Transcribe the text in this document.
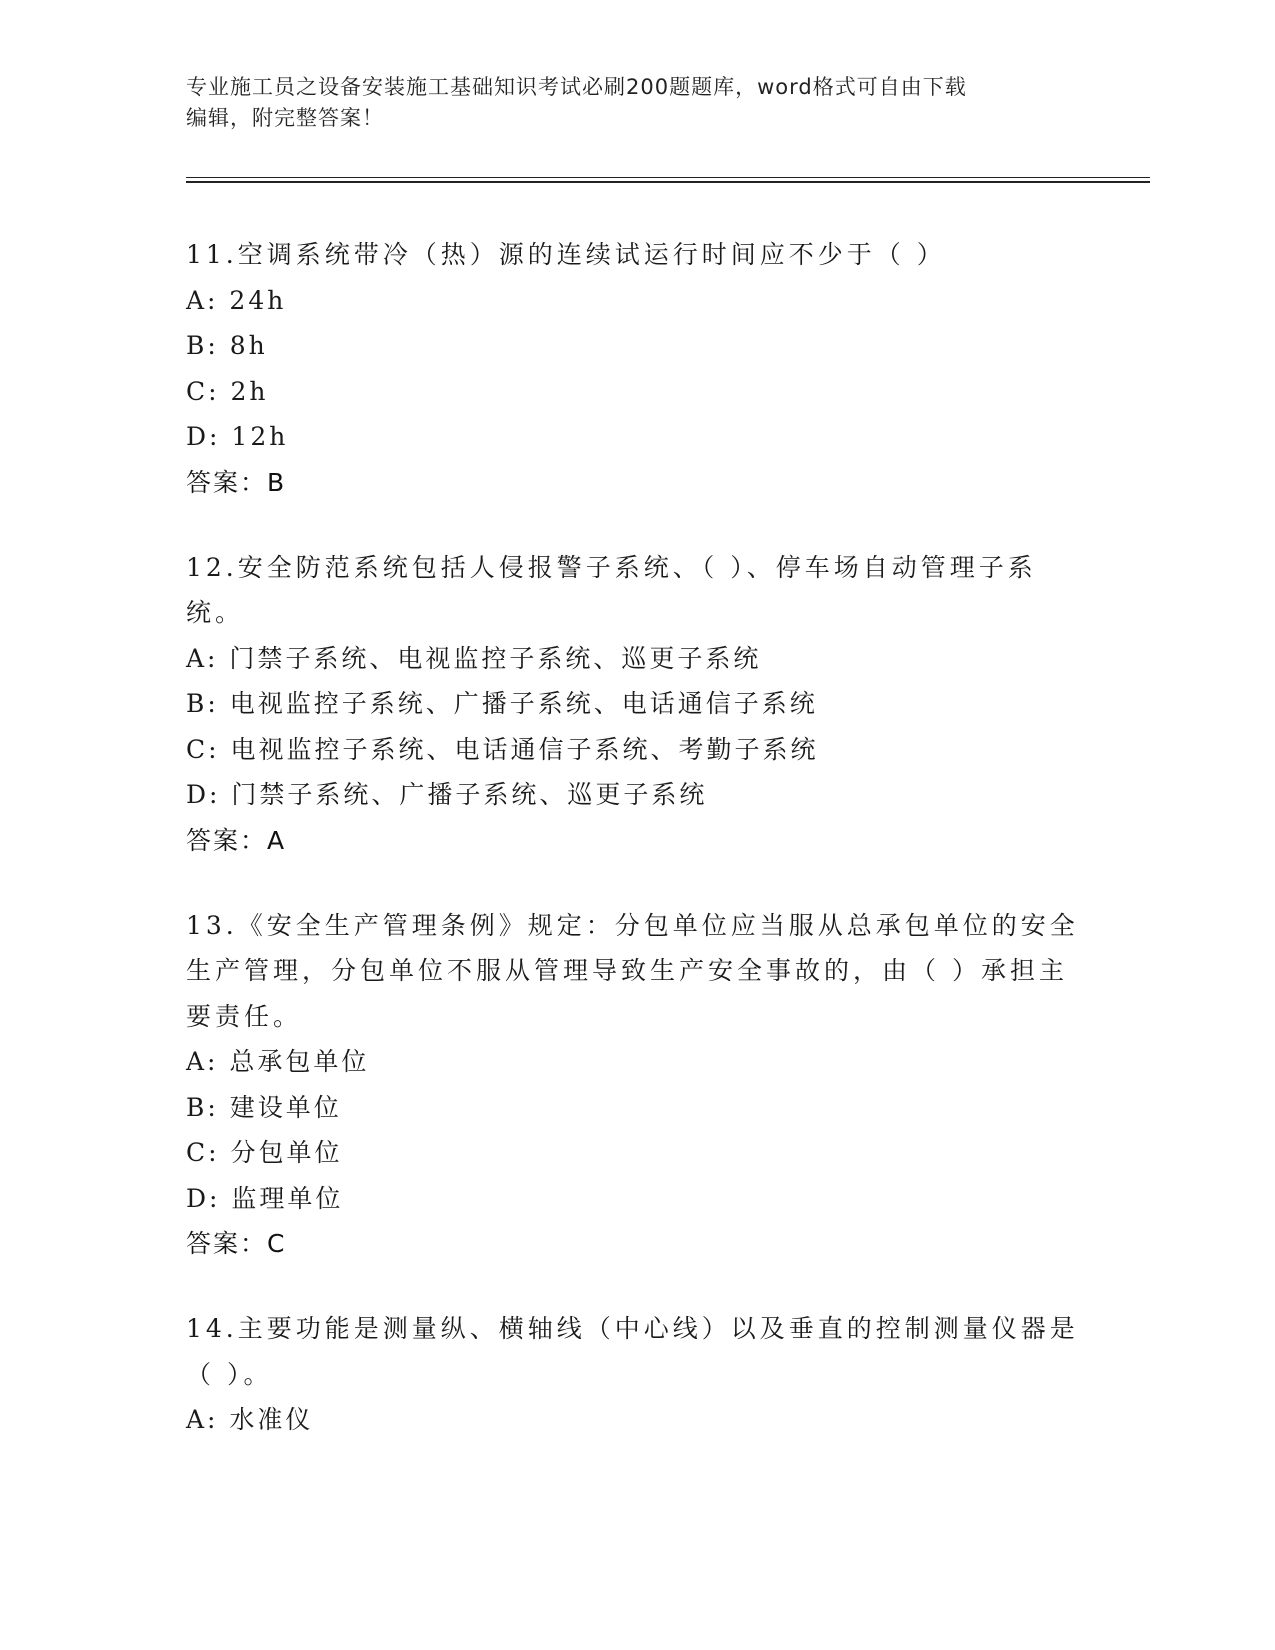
专业施工员之设备安装施工基础知识考试必刷200题题库，word格式可自由下载
编辑，附完整答案！
11.空调系统带冷（热）源的连续试运行时间应不少于（ ）
A: 24h
B: 8h
C: 2h
D: 12h
答案：B
12.安全防范系统包括人侵报警子系统、（ ）、停车场自动管理子系统。
A: 门禁子系统、电视监控子系统、巡更子系统
B: 电视监控子系统、广播子系统、电话通信子系统
C: 电视监控子系统、电话通信子系统、考勤子系统
D: 门禁子系统、广播子系统、巡更子系统
答案：A
13.《安全生产管理条例》规定：分包单位应当服从总承包单位的安全生产管理，分包单位不服从管理导致生产安全事故的，由（ ）承担主要责任。
A: 总承包单位
B: 建设单位
C: 分包单位
D: 监理单位
答案：C
14.主要功能是测量纵、横轴线（中心线）以及垂直的控制测量仪器是（ ）。
A: 水准仪
